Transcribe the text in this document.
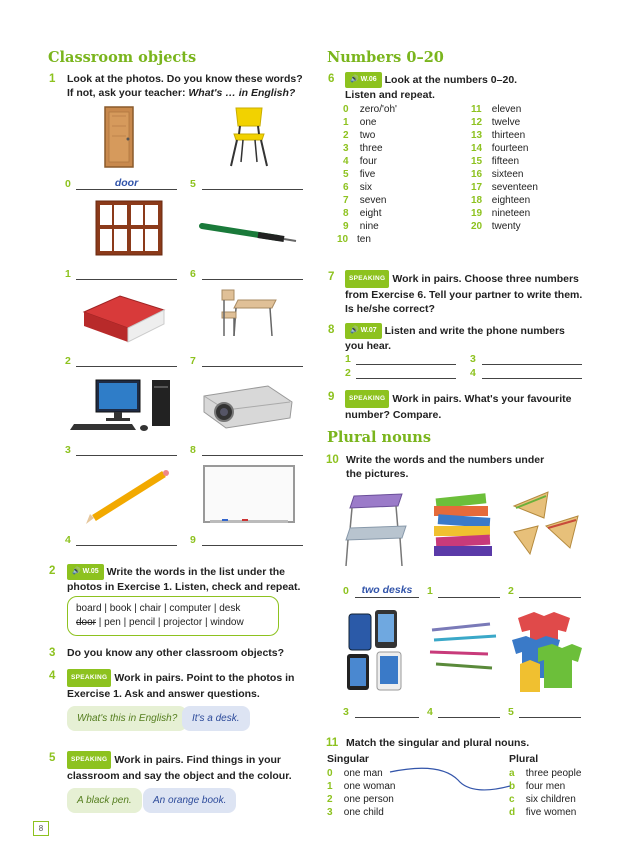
Classroom objects
1 Look at the photos. Do you know these words?
If not, ask your teacher: What's … in English?
0	door	5
1	6
2	7
3	8
4	9
2	🔊 W.05 Write the words in the list under the
photos in Exercise 1. Listen, check and repeat.
board | book | chair | computer | desk
door | pen | pencil | projector | window
3 Do you know any other classroom objects?
4	SPEAKING Work in pairs. Point to the photos in
Exercise 1. Ask and answer questions.
What's this in English?	It's a desk.
5	SPEAKING Work in pairs. Find things in your
classroom and say the object and the colour.
A black pen.	An orange book.
8
Numbers 0–20
6	🔊 W.06 Look at the numbers 0–20.
Listen and repeat.
0 zero/'oh'
1 one
2 two
3 three
4 four
5 five
6 six
7 seven
8 eight
9 nine
10 ten
11 eleven
12 twelve
13 thirteen
14 fourteen
15 fifteen
16 sixteen
17 seventeen
18 eighteen
19 nineteen
20 twenty
7	SPEAKING Work in pairs. Choose three numbers
from Exercise 6. Tell your partner to write them.
Is he/she correct?
8	🔊 W.07 Listen and write the phone numbers
you hear.
1	3
2	4
9	SPEAKING Work in pairs. What's your favourite
number? Compare.
Plural nouns
10 Write the words and the numbers under
the pictures.
0	two desks	1	2
3	4	5
11 Match the singular and plural nouns.
Singular	Plural
0 one man
1 one woman
2 one person
3 one child
a three people
b four men
c six children
d five women
